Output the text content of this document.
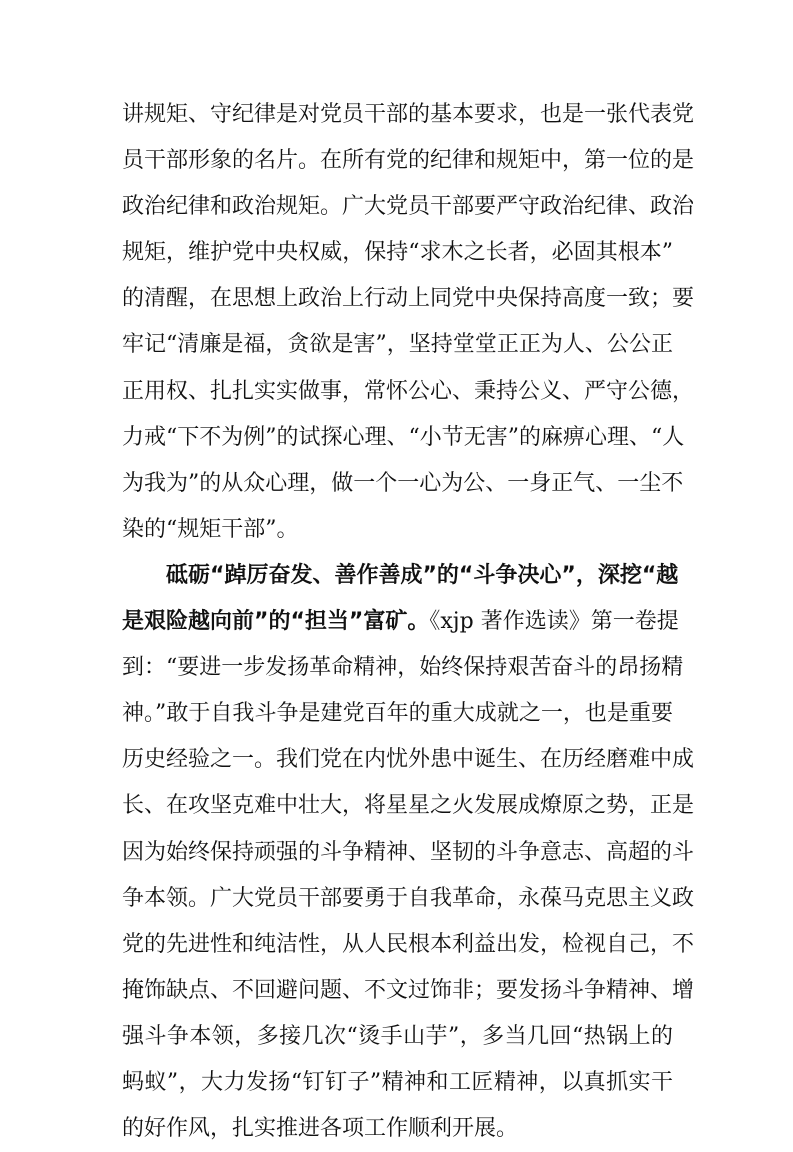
讲规矩、守纪律是对党员干部的基本要求，也是一张代表党
员干部形象的名片。在所有党的纪律和规矩中，第一位的是
政治纪律和政治规矩。广大党员干部要严守政治纪律、政治
规矩，维护党中央权威，保持“求木之长者，必固其根本”
的清醒，在思想上政治上行动上同党中央保持高度一致；要
牢记“清廉是福，贪欲是害”，坚持堂堂正正为人、公公正
正用权、扎扎实实做事，常怀公心、秉持公义、严守公德，
力戒“下不为例”的试探心理、“小节无害”的麻痹心理、“人
为我为”的从众心理，做一个一心为公、一身正气、一尘不
染的“规矩干部”。
砥砺“踔厉奋发、善作善成”的“斗争决心”，深挖“越
是艰险越向前”的“担当”富矿。《xjp 著作选读》第一卷提
到：“要进一步发扬革命精神，始终保持艰苦奋斗的昂扬精
神。”敢于自我斗争是建党百年的重大成就之一，也是重要
历史经验之一。我们党在内忧外患中诞生、在历经磨难中成
长、在攻坚克难中壮大，将星星之火发展成燎原之势，正是
因为始终保持顽强的斗争精神、坚韧的斗争意志、高超的斗
争本领。广大党员干部要勇于自我革命，永葆马克思主义政
党的先进性和纯洁性，从人民根本利益出发，检视自己，不
掩饰缺点、不回避问题、不文过饰非；要发扬斗争精神、增
强斗争本领，多接几次“烫手山芋”，多当几回“热锅上的
蚂蚁”，大力发扬“钉钉子”精神和工匠精神，以真抓实干
的好作风，扎实推进各项工作顺利开展。
